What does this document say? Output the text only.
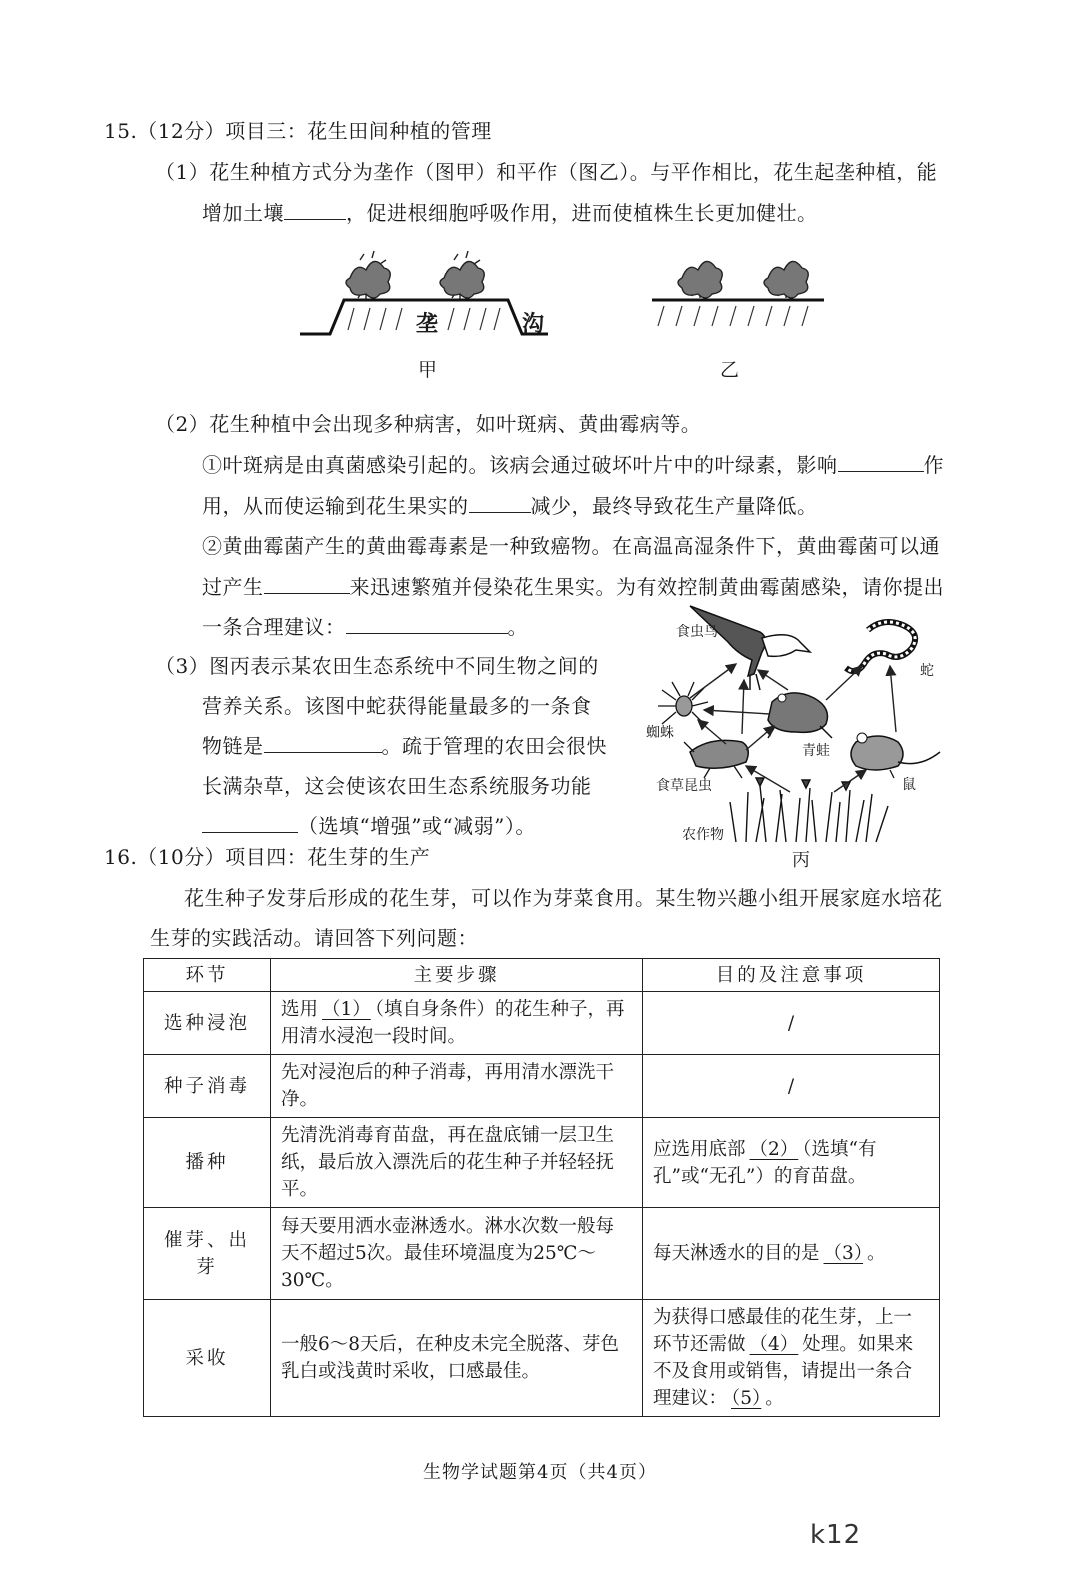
15.（12分）项目三：花生田间种植的管理
（1）花生种植方式分为垄作（图甲）和平作（图乙）。与平作相比，花生起垄种植，能
增加土壤	，促进根细胞呼吸作用，进而使植株生长更加健壮。
垄	沟
甲	乙
（2）花生种植中会出现多种病害，如叶斑病、黄曲霉病等。
①叶斑病是由真菌感染引起的。该病会通过破坏叶片中的叶绿素，影响	作
用，从而使运输到花生果实的	减少，最终导致花生产量降低。
②黄曲霉菌产生的黄曲霉毒素是一种致癌物。在高温高湿条件下，黄曲霉菌可以通
过产生	来迅速繁殖并侵染花生果实。为有效控制黄曲霉菌感染，请你提出
一条合理建议：	。
（3）图丙表示某农田生态系统中不同生物之间的
营养关系。该图中蛇获得能量最多的一条食
物链是	。疏于管理的农田会很快
长满杂草，这会使该农田生态系统服务功能
（选填“增强”或“减弱”）。
食虫鸟
蛇
蜘蛛
青蛙
食草昆虫	鼠
农作物
丙
16.（10分）项目四：花生芽的生产
花生种子发芽后形成的花生芽，可以作为芽菜食用。某生物兴趣小组开展家庭水培花
生芽的实践活动。请回答下列问题：
环节	主要步骤	目的及注意事项
选种浸泡	选用 （1） （填自身条件）的花生种子，再用清水浸泡一段时间。	/
种子消毒	先对浸泡后的种子消毒，再用清水漂洗干净。	/
播种	先清洗消毒育苗盘，再在盘底铺一层卫生纸，最后放入漂洗后的花生种子并轻轻抚平。	应选用底部 （2） （选填“有孔”或“无孔”）的育苗盘。
催芽、出芽	每天要用洒水壶淋透水。淋水次数一般每天不超过5次。最佳环境温度为25℃～30℃。	每天淋透水的目的是 （3） 。
采收	一般6～8天后，在种皮未完全脱落、芽色乳白或浅黄时采收，口感最佳。	为获得口感最佳的花生芽，上一环节还需做 （4） 处理。如果来不及食用或销售，请提出一条合理建议： （5） 。
生物学试题第4页（共4页）
k12
